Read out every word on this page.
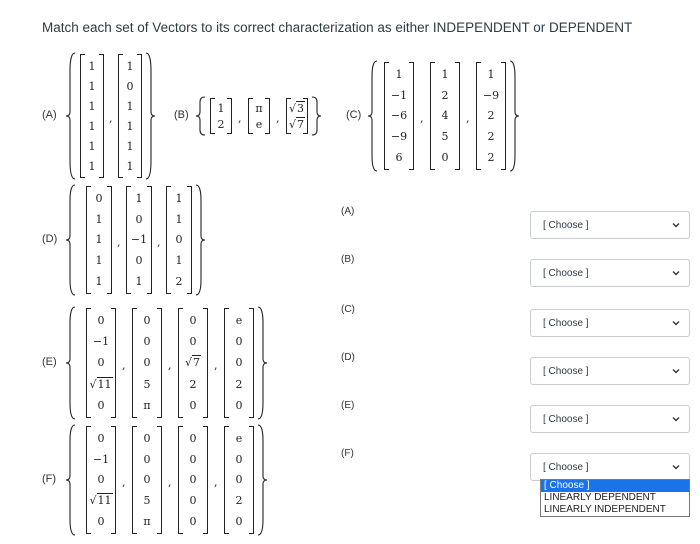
Match each set of Vectors to its correct characterization as either INDEPENDENT or DEPENDENT
(A)
1
1
1
1
1
1
,
1
0
1
1
1
1
(B)
1
2 ,
π
e ,
√3
√7
(C)
1
−1
−6
−9
6
,
1
2
4
5
0
,
1
−9
2
2
2
(D)
0
1
1
1
1
,
1
0
−1
0
1
,
1
1
0
1
2
(E)
0
−1
0
√11
0
,
0
0
0
5
π
,
0
0
√7
2
0
,
e
0
0
2
0
(F)
0
−1
0
√11
0
,
0
0
0
5
π
,
0
0
0
0
0
,
e
0
0
2
0
(A)
[ Choose ]
(B)
[ Choose ]
(C)
[ Choose ]
(D)
[ Choose ]
(E)
[ Choose ]
(F)
[ Choose ]
[ Choose ]
LINEARLY DEPENDENT
LINEARLY INDEPENDENT
